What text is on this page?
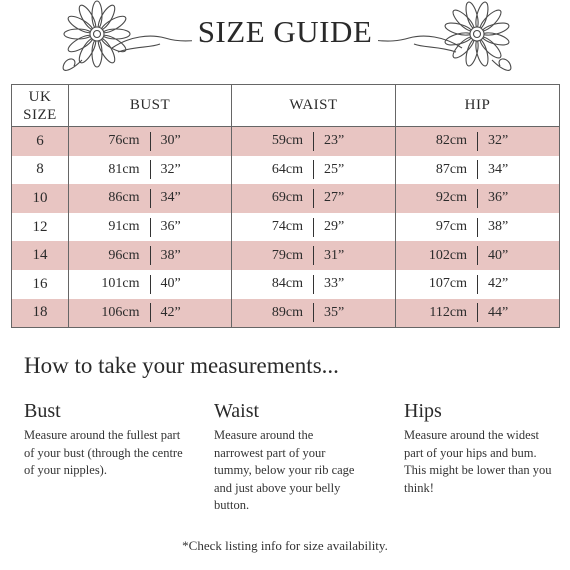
SIZE GUIDE
UK
SIZE	BUST	WAIST	HIP
6	76cm 30”	59cm 23”	82cm 32”

8	81cm 32”	64cm 25”	87cm 34”

10	86cm 34”	69cm 27”	92cm 36”

12	91cm 36”	74cm 29”	97cm 38”

14	96cm 38”	79cm 31”	102cm 40”

16	101cm 40”	84cm 33”	107cm 42”

18	106cm 42”	89cm 35”	112cm 44”
How to take your measurements...
Bust

Measure around the fullest part of your bust (through the centre of your nipples).

Waist

Measure around the narrowest part of your tummy, below your rib cage and just above your belly button.

Hips

Measure around the widest part of your hips and bum. This might be lower than you think!

*Check listing info for size availability.
